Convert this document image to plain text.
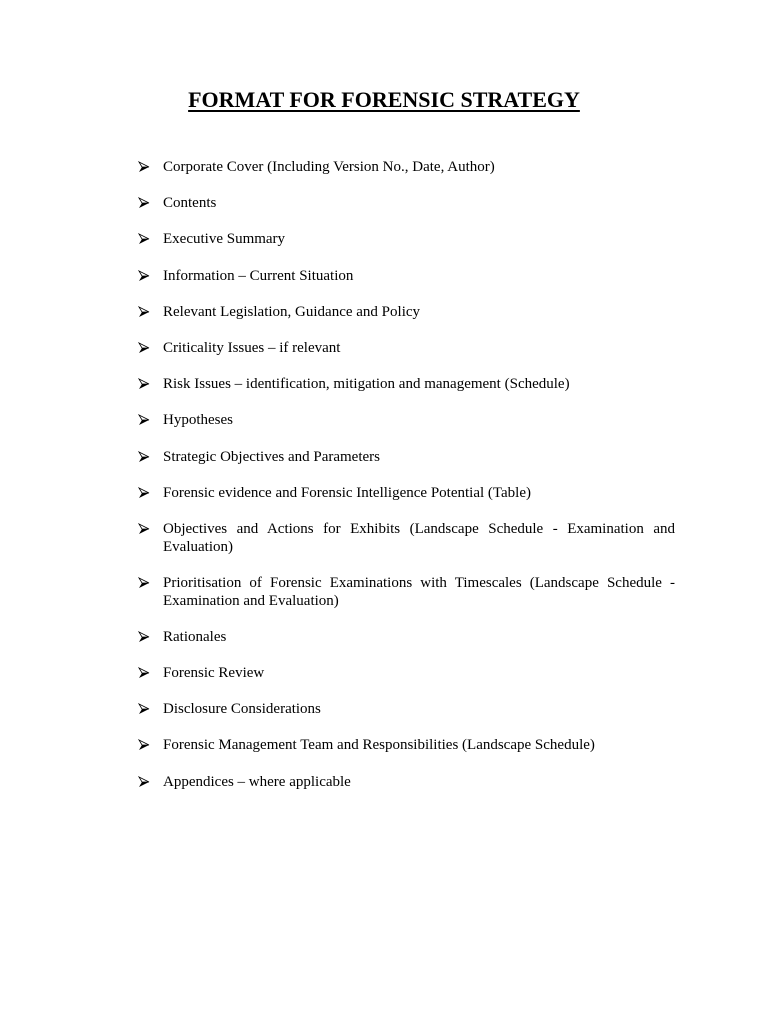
FORMAT FOR FORENSIC STRATEGY
Corporate Cover (Including Version No., Date, Author)
Contents
Executive Summary
Information – Current Situation
Relevant Legislation, Guidance and Policy
Criticality Issues – if relevant
Risk Issues – identification, mitigation and management (Schedule)
Hypotheses
Strategic Objectives and Parameters
Forensic evidence and Forensic Intelligence Potential (Table)
Objectives and Actions for Exhibits (Landscape Schedule - Examination and Evaluation)
Prioritisation of Forensic Examinations with Timescales (Landscape Schedule - Examination and Evaluation)
Rationales
Forensic Review
Disclosure Considerations
Forensic Management Team and Responsibilities (Landscape Schedule)
Appendices – where applicable
